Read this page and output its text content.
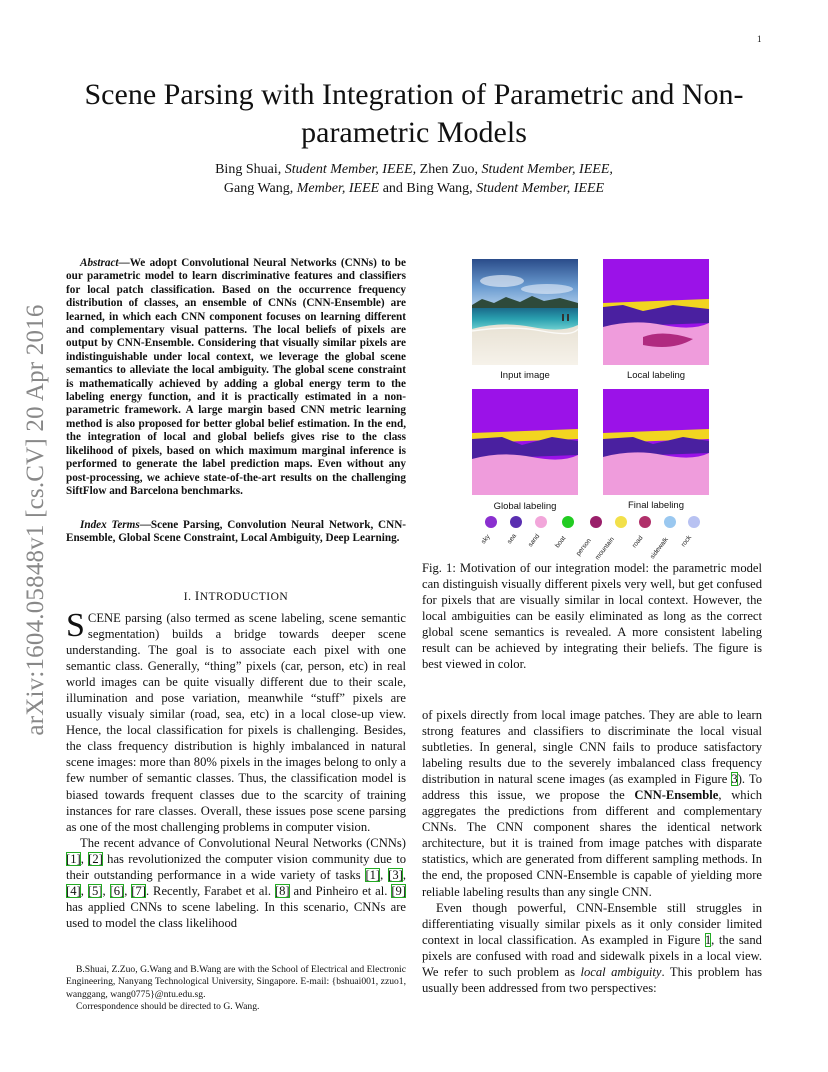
1
arXiv:1604.05848v1 [cs.CV] 20 Apr 2016
Scene Parsing with Integration of Parametric and Non-parametric Models
Bing Shuai, Student Member, IEEE, Zhen Zuo, Student Member, IEEE,
Gang Wang, Member, IEEE and Bing Wang, Student Member, IEEE
Abstract—We adopt Convolutional Neural Networks (CNNs) to be our parametric model to learn discriminative features and classifiers for local patch classification. Based on the occurrence frequency distribution of classes, an ensemble of CNNs (CNN-Ensemble) are learned, in which each CNN component focuses on learning different and complementary visual patterns. The local beliefs of pixels are output by CNN-Ensemble. Considering that visually similar pixels are indistinguishable under local context, we leverage the global scene semantics to alleviate the local ambiguity. The global scene constraint is mathematically achieved by adding a global energy term to the labeling energy function, and it is practically estimated in a non-parametric framework. A large margin based CNN metric learning method is also proposed for better global belief estimation. In the end, the integration of local and global beliefs gives rise to the class likelihood of pixels, based on which maximum marginal inference is performed to generate the label prediction maps. Even without any post-processing, we achieve state-of-the-art results on the challenging SiftFlow and Barcelona benchmarks.
Index Terms—Scene Parsing, Convolution Neural Network, CNN-Ensemble, Global Scene Constraint, Local Ambiguity, Deep Learning.
I. INTRODUCTION

SCENE parsing (also termed as scene labeling, scene semantic segmentation) builds a bridge towards deeper scene understanding. The goal is to associate each pixel with one semantic class. Generally, “thing” pixels (car, person, etc) in real world images can be quite visually different due to their scale, illumination and pose variation, meanwhile “stuff” pixels are usually visualy similar (road, sea, etc) in a local close-up view. Hence, the local classification for pixels is challenging. Besides, the class frequency distribution is highly imbalanced in natural scene images: more than 80% pixels in the images belong to only a few number of semantic classes. Thus, the classification model is biased towards frequent classes due to the scarcity of training instances for rare classes. Overall, these issues pose scene parsing as one of the most challenging problems in computer vision.

The recent advance of Convolutional Neural Networks (CNNs) [1], [2] has revolutionized the computer vision community due to their outstanding performance in a wide variety of tasks [1], [3], [4], [5], [6], [7]. Recently, Farabet et al. [8] and Pinheiro et al. [9] has applied CNNs to scene labeling. In this scenario, CNNs are used to model the class likelihood

B.Shuai, Z.Zuo, G.Wang and B.Wang are with the School of Electrical and Electronic Engineering, Nanyang Technological University, Singapore. E-mail: {bshuai001, zzuo1, wanggang, wang0775}@ntu.edu.sg.

Correspondence should be directed to G. Wang.

Input image	Local labeling
Global labeling	Final labeling
sky sea sand boat person mountain road sidewalk rock
Fig. 1: Motivation of our integration model: the parametric model can distinguish visually different pixels very well, but get confused for pixels that are visually similar in local context. However, the local ambiguities can be easily eliminated as long as the correct global scene semantics is revealed. A more consistent labeling result can be achieved by integrating their beliefs. The figure is best viewed in color.

of pixels directly from local image patches. They are able to learn strong features and classifiers to discriminate the local visual subtleties. In general, single CNN fails to produce satisfactory labeling results due to the severely imbalanced class frequency distribution in natural scene images (as exampled in Figure 3). To address this issue, we propose the CNN-Ensemble, which aggregates the predictions from different and complementary CNNs. The CNN component shares the identical network architecture, but it is trained from image patches with disparate statistics, which are generated from different sampling methods. In the end, the proposed CNN-Ensemble is capable of yielding more reliable labeling results than any single CNN.

Even though powerful, CNN-Ensemble still struggles in differentiating visually similar pixels as it only consider limited context in local classification. As exampled in Figure 1, the sand pixels are confused with road and sidewalk pixels in a local view. We refer to such problem as local ambiguity. This problem has usually been addressed from two perspectives:
